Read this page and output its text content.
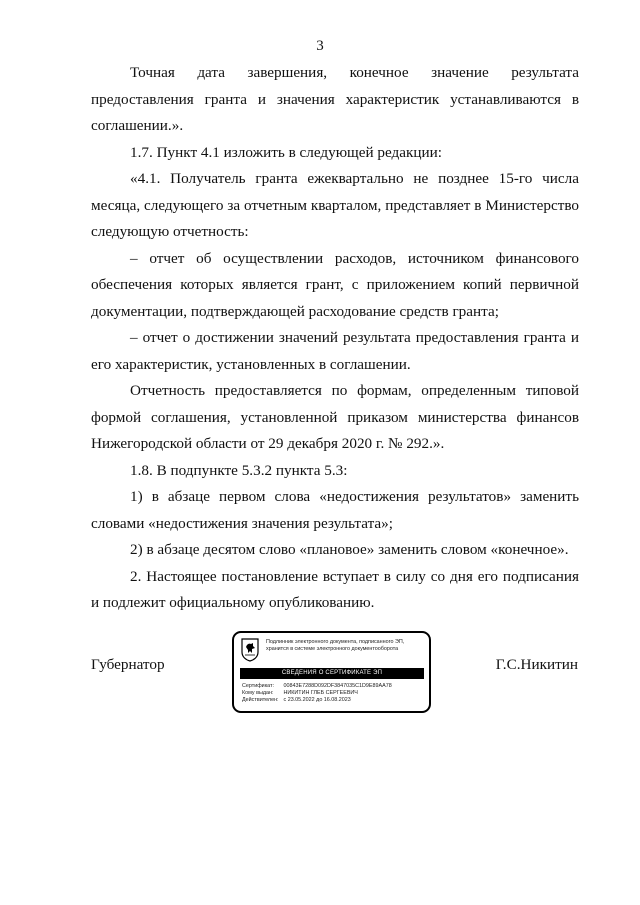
3

Точная дата завершения, конечное значение результата предоставления гранта и значения характеристик устанавливаются в соглашении.».

1.7. Пункт 4.1 изложить в следующей редакции:

«4.1. Получатель гранта ежеквартально не позднее 15-го числа месяца, следующего за отчетным кварталом, представляет в Министерство следующую отчетность:

– отчет об осуществлении расходов, источником финансового обеспечения которых является грант, с приложением копий первичной документации, подтверждающей расходование средств гранта;

– отчет о достижении значений результата предоставления гранта и его характеристик, установленных в соглашении.

Отчетность предоставляется по формам, определенным типовой формой соглашения, установленной приказом министерства финансов Нижегородской области от 29 декабря 2020 г. № 292.».

1.8. В подпункте 5.3.2 пункта 5.3:

1) в абзаце первом слова «недостижения результатов» заменить словами «недостижения значения результата»;

2) в абзаце десятом слово «плановое» заменить словом «конечное».

2. Настоящее постановление вступает в силу со дня его подписания и подлежит официальному опубликованию.

Губернатор
Подлинник электронного документа, подписанного ЭП, хранится в системе электронного документооборота
СВЕДЕНИЯ О СЕРТИФИКАТЕ ЭП
Сертификат: 00843E7288D092DF3847035C1D9E89AA78
Кому выдан: НИКИТИН ГЛЕБ СЕРГЕЕВИЧ
Действителен: с 23.05.2022 до 16.08.2023
Г.С.Никитин
